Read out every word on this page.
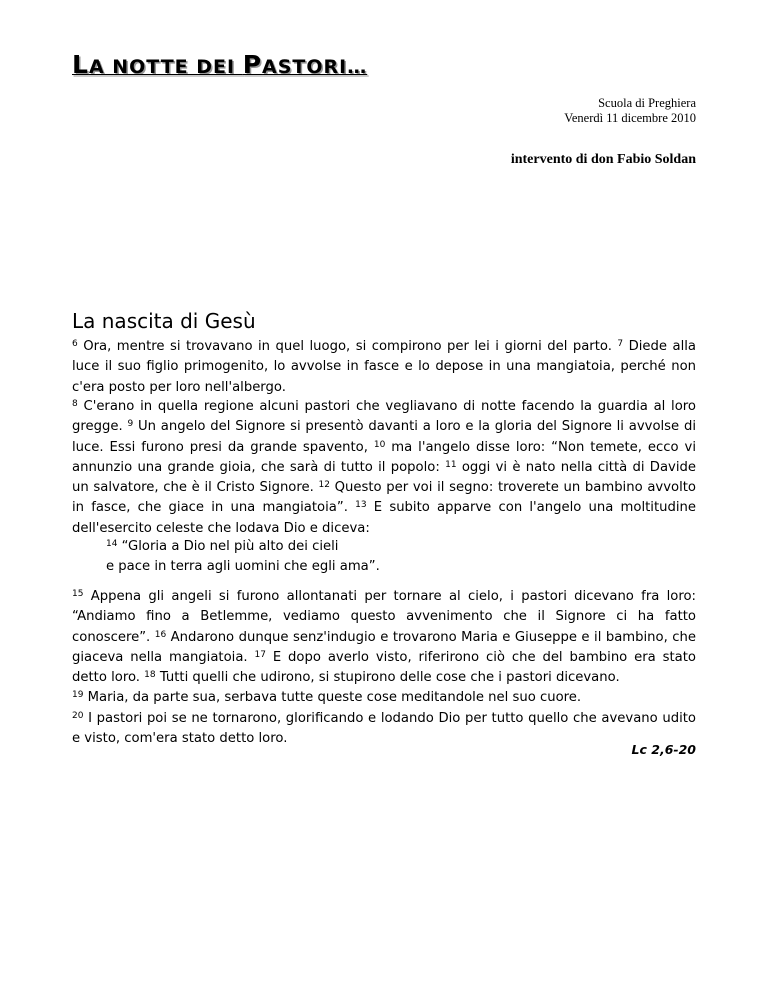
LA NOTTE DEI PASTORI…
Scuola di Preghiera
Venerdì 11 dicembre 2010
intervento di don Fabio Soldan
La nascita di Gesù

$^6$ Ora, mentre si trovavano in quel luogo, si compirono per lei i giorni del parto. $^7$ Diede alla luce il suo figlio primogenito, lo avvolse in fasce e lo depose in una mangiatoia, perché non c'era posto per loro nell'albergo.

$^8$ C'erano in quella regione alcuni pastori che vegliavano di notte facendo la guardia al loro gregge. $^9$ Un angelo del Signore si presentò davanti a loro e la gloria del Signore li avvolse di luce. Essi furono presi da grande spavento, $^{10}$ ma l'angelo disse loro: “Non temete, ecco vi annunzio una grande gioia, che sarà di tutto il popolo: $^{11}$ oggi vi è nato nella città di Davide un salvatore, che è il Cristo Signore. $^{12}$ Questo per voi il segno: troverete un bambino avvolto in fasce, che giace in una mangiatoia”. $^{13}$ E subito apparve con l'angelo una moltitudine dell'esercito celeste che lodava Dio e diceva:

$^{14}$ “Gloria a Dio nel più alto dei cieli
e pace in terra agli uomini che egli ama”.

$^{15}$ Appena gli angeli si furono allontanati per tornare al cielo, i pastori dicevano fra loro: “Andiamo fino a Betlemme, vediamo questo avvenimento che il Signore ci ha fatto conoscere”. $^{16}$ Andarono dunque senz'indugio e trovarono Maria e Giuseppe e il bambino, che giaceva nella mangiatoia. $^{17}$ E dopo averlo visto, riferirono ciò che del bambino era stato detto loro. $^{18}$ Tutti quelli che udirono, si stupirono delle cose che i pastori dicevano.
$^{19}$ Maria, da parte sua, serbava tutte queste cose meditandole nel suo cuore.
$^{20}$ I pastori poi se ne tornarono, glorificando e lodando Dio per tutto quello che avevano udito e visto, com'era stato detto loro.

Lc 2,6-20
